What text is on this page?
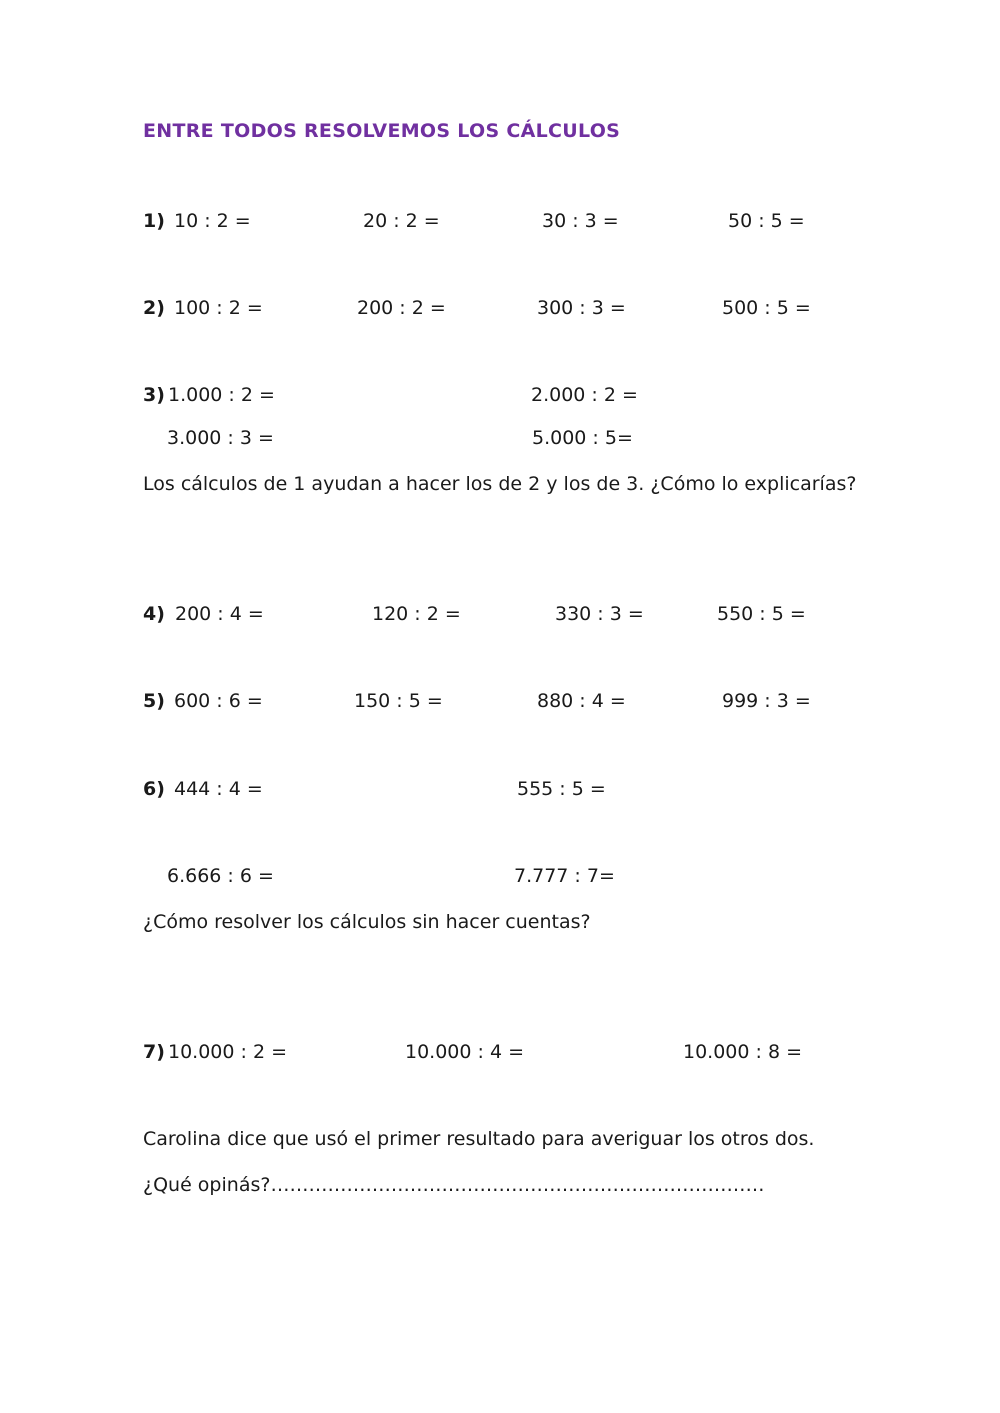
ENTRE TODOS RESOLVEMOS LOS CÁLCULOS
1) 10 : 2 =	20 : 2 =	30 : 3 =	50 : 5 =
2) 100 : 2 =	200 : 2 =	300 : 3 =	500 : 5 =
3) 1.000 : 2 =	2.000 : 2 =
3.000 : 3 =	5.000 : 5=
Los cálculos de 1 ayudan a hacer los de 2 y los de 3. ¿Cómo lo explicarías?
4) 200 : 4 =	120 : 2 =	330 : 3 =	550 : 5 =
5) 600 : 6 =	150 : 5 =	880 : 4 =	999 : 3 =
6) 444 : 4 =	555 : 5 =
6.666 : 6 =	7.777 : 7=
¿Cómo resolver los cálculos sin hacer cuentas?
7) 10.000 : 2 =	10.000 : 4 =	10.000 : 8 =
Carolina dice que usó el primer resultado para averiguar los otros dos.
¿Qué opinás?……………………………………………………………………
